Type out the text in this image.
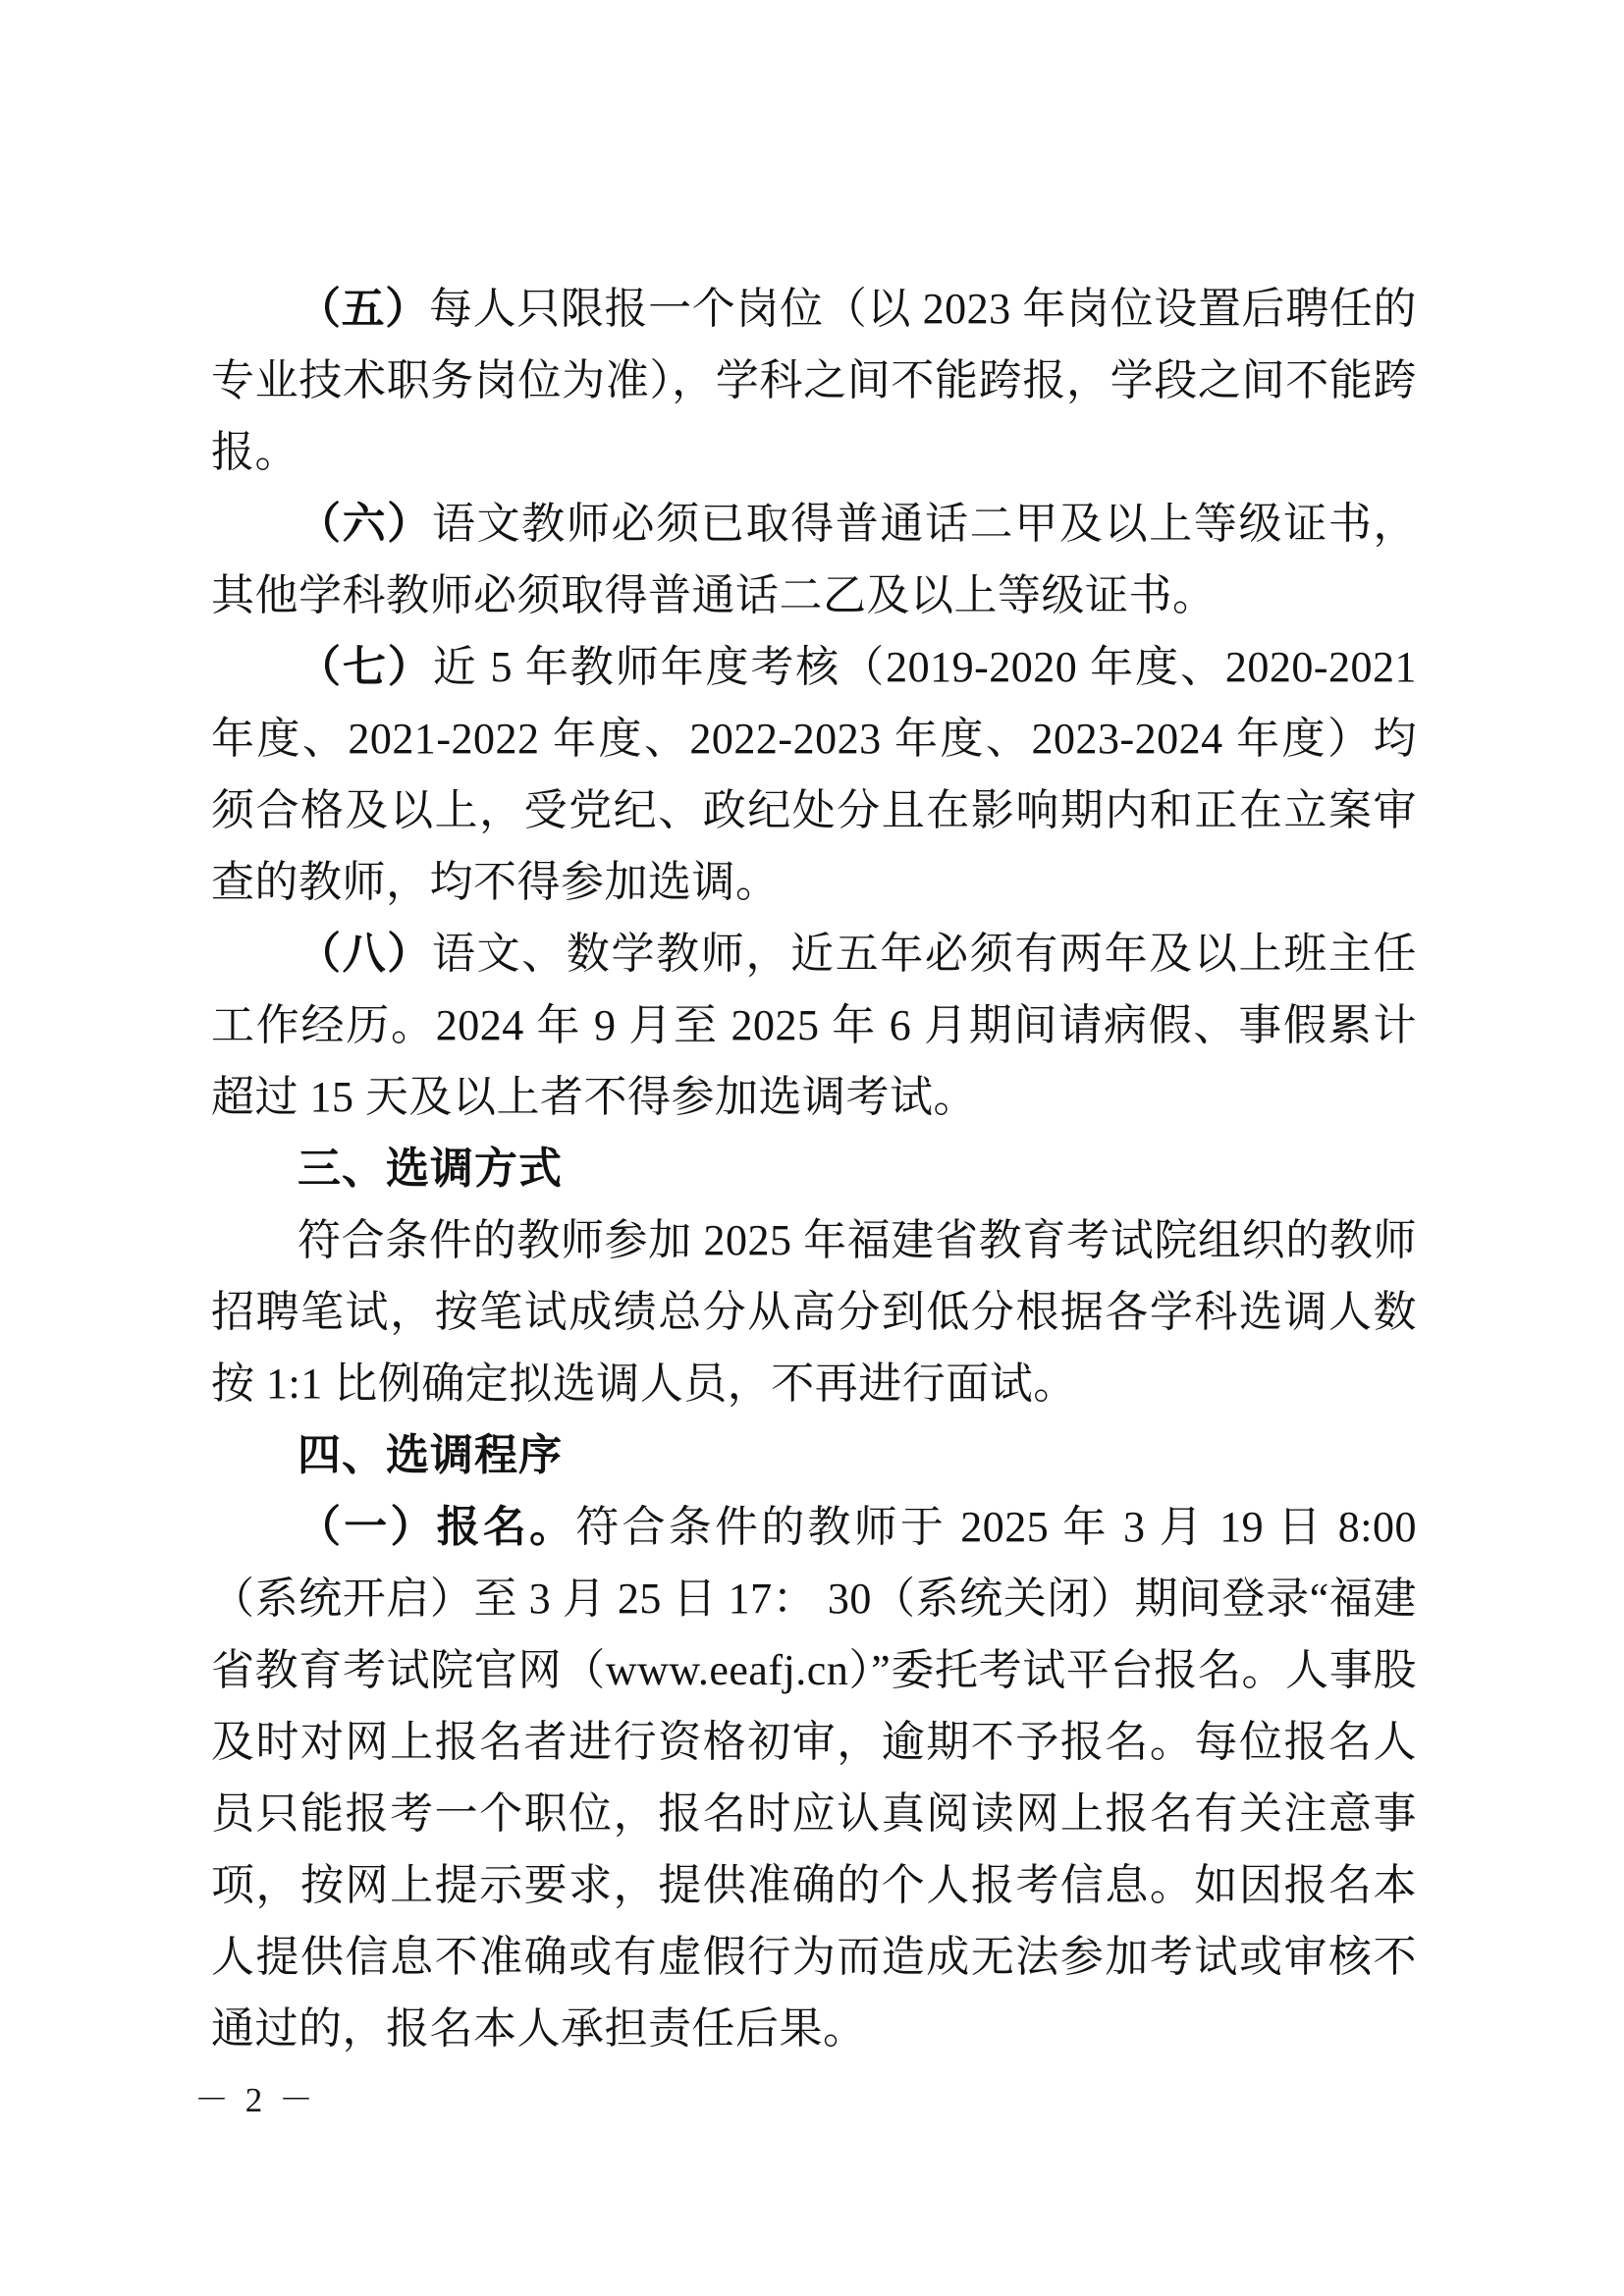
（五）每人只限报一个岗位（以 2023 年岗位设置后聘任的专业技术职务岗位为准），学科之间不能跨报，学段之间不能跨报。

（六）语文教师必须已取得普通话二甲及以上等级证书，其他学科教师必须取得普通话二乙及以上等级证书。

（七）近 5 年教师年度考核（2019-2020 年度、2020-2021 年度、2021-2022 年度、2022-2023 年度、2023-2024 年度）均须合格及以上，受党纪、政纪处分且在影响期内和正在立案审查的教师，均不得参加选调。

（八）语文、数学教师，近五年必须有两年及以上班主任工作经历。2024 年 9 月至 2025 年 6 月期间请病假、事假累计超过 15 天及以上者不得参加选调考试。

三、选调方式

符合条件的教师参加 2025 年福建省教育考试院组织的教师招聘笔试，按笔试成绩总分从高分到低分根据各学科选调人数按 1:1 比例确定拟选调人员，不再进行面试。

四、选调程序

（一）报名。符合条件的教师于 2025 年 3 月 19 日 8:00（系统开启）至 3 月 25 日 17： 30（系统关闭）期间登录“福建省教育考试院官网（www.eeafj.cn）”委托考试平台报名。人事股及时对网上报名者进行资格初审，逾期不予报名。每位报名人员只能报考一个职位，报名时应认真阅读网上报名有关注意事项，按网上提示要求，提供准确的个人报考信息。如因报名本人提供信息不准确或有虚假行为而造成无法参加考试或审核不通过的，报名本人承担责任后果。

－ 2 －
